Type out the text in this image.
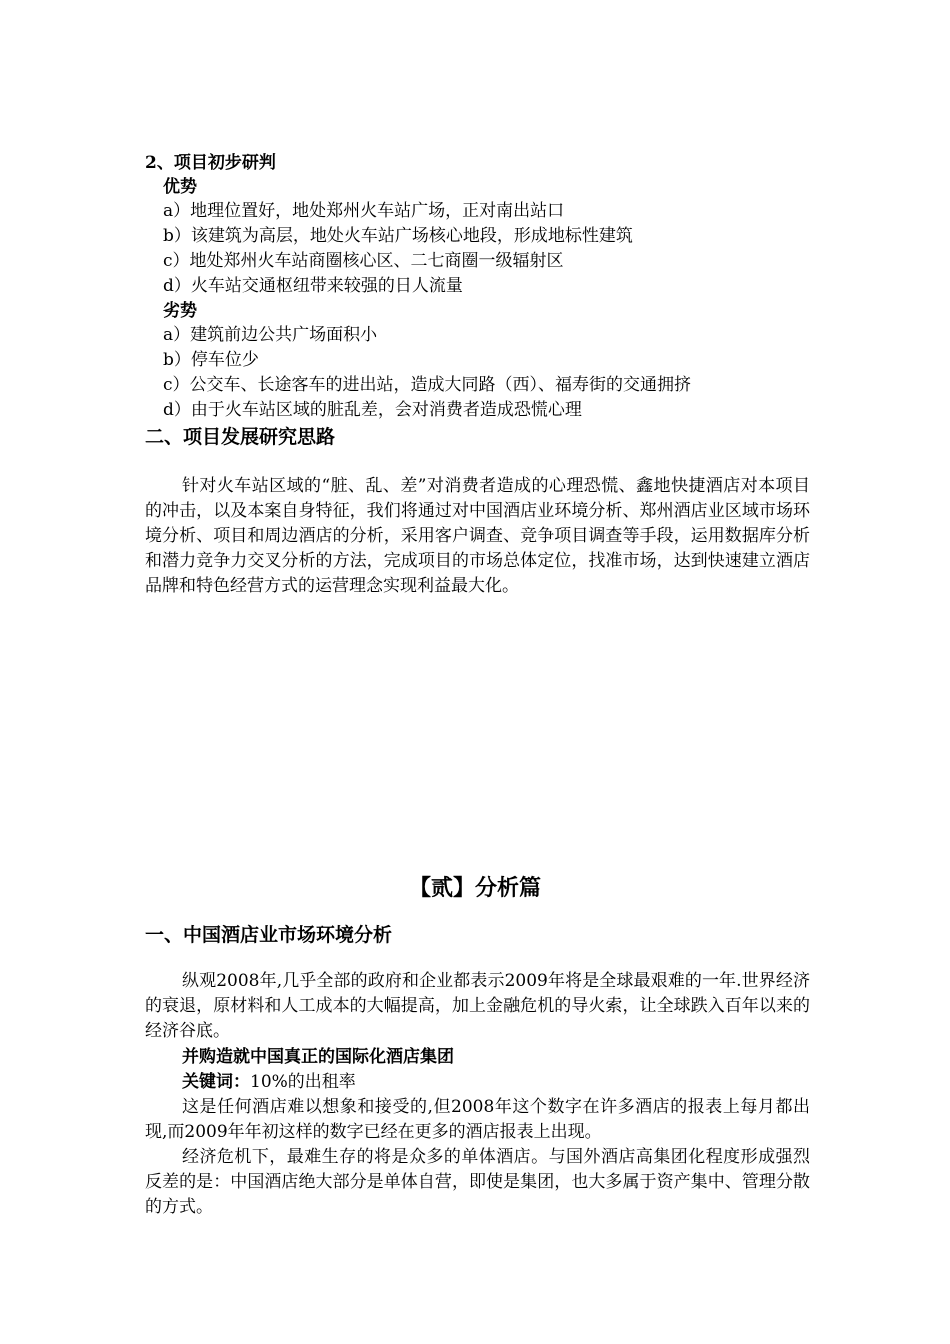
2、项目初步研判
优势
a）地理位置好，地处郑州火车站广场，正对南出站口
b）该建筑为高层，地处火车站广场核心地段，形成地标性建筑
c）地处郑州火车站商圈核心区、二七商圈一级辐射区
d）火车站交通枢纽带来较强的日人流量
劣势
a）建筑前边公共广场面积小
b）停车位少
c）公交车、长途客车的进出站，造成大同路（西）、福寿街的交通拥挤
d）由于火车站区域的脏乱差，会对消费者造成恐慌心理
二、项目发展研究思路

针对火车站区域的“脏、乱、差”对消费者造成的心理恐慌、鑫地快捷酒店对本项目的冲击，以及本案自身特征，我们将通过对中国酒店业环境分析、郑州酒店业区域市场环境分析、项目和周边酒店的分析，采用客户调查、竞争项目调查等手段，运用数据库分析和潜力竞争力交叉分析的方法，完成项目的市场总体定位，找准市场，达到快速建立酒店品牌和特色经营方式的运营理念实现利益最大化。

【贰】分析篇
一、中国酒店业市场环境分析

纵观2008年,几乎全部的政府和企业都表示2009年将是全球最艰难的一年.世界经济的衰退，原材料和人工成本的大幅提高，加上金融危机的导火索，让全球跌入百年以来的经济谷底。

并购造就中国真正的国际化酒店集团
关键词：10%的出租率

这是任何酒店难以想象和接受的,但2008年这个数字在许多酒店的报表上每月都出现,而2009年年初这样的数字已经在更多的酒店报表上出现。

经济危机下，最难生存的将是众多的单体酒店。与国外酒店高集团化程度形成强烈反差的是：中国酒店绝大部分是单体自营，即使是集团，也大多属于资产集中、管理分散的方式。
